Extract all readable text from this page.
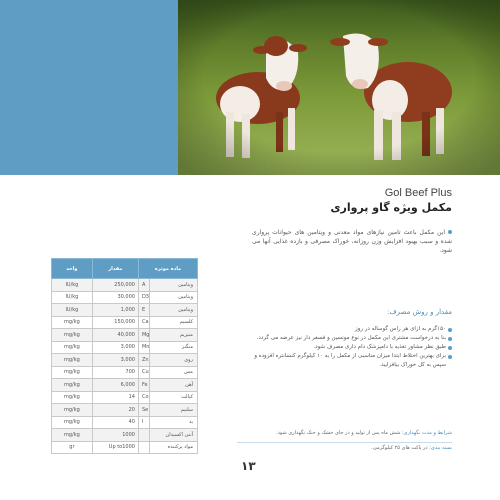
Gol Beef Plus
مکمل ویژه گاو پرواری

این مکمل باعث تامین نیازهای مواد معدنی و ویتامین های حیوانات پرواری شده و سبب بهبود افزایش وزن روزانه، خوراک مصرفی و بازده غذایی آنها می شود.

مقدار و روش مصرف:
۱۵۰گرم به ازای هر راس گوساله در روز
بنا به درخواست مشتری این مکمل در نوع مونسین و فسفر دار نیز عرضه می گردد.
طبق نظر مشاور تغذیه یا دامپزشک دام داری مصرف شود.
برای بهترین اختلاط ابتدا میزان مناسبی از مکمل را به ۱۰ کیلوگرم کنسانتره افزوده و سپس به کل خوراک بیافزایید.
شرایط و مدت نگهداری: شش ماه پس از تولید و در جای خشک و خنک نگهداری شود.
بسته بندی: در پاکت های ۲۵ کیلوگرمی.
۱۳
ماده موثره		مقدار	واحد
ویتامین	A	250,000	IU/kg
ویتامین	D3	30,000	IU/kg
ویتامین	E	1,000	IU/kg
کلسیم	Ca	150,000	mg/kg
منیزیم	Mg	40,000	mg/kg
منگنز	Mn	3,000	mg/kg
روی	Zn	3,000	mg/kg
مس	Cu	700	mg/kg
آهن	Fe	6,000	mg/kg
کبالت	Co	14	mg/kg
سلنیم	Se	20	mg/kg
ید	I	40	mg/kg
آنتی اکسیدان		1000	mg/kg
مواد پرکننده		Up to1000	gr
